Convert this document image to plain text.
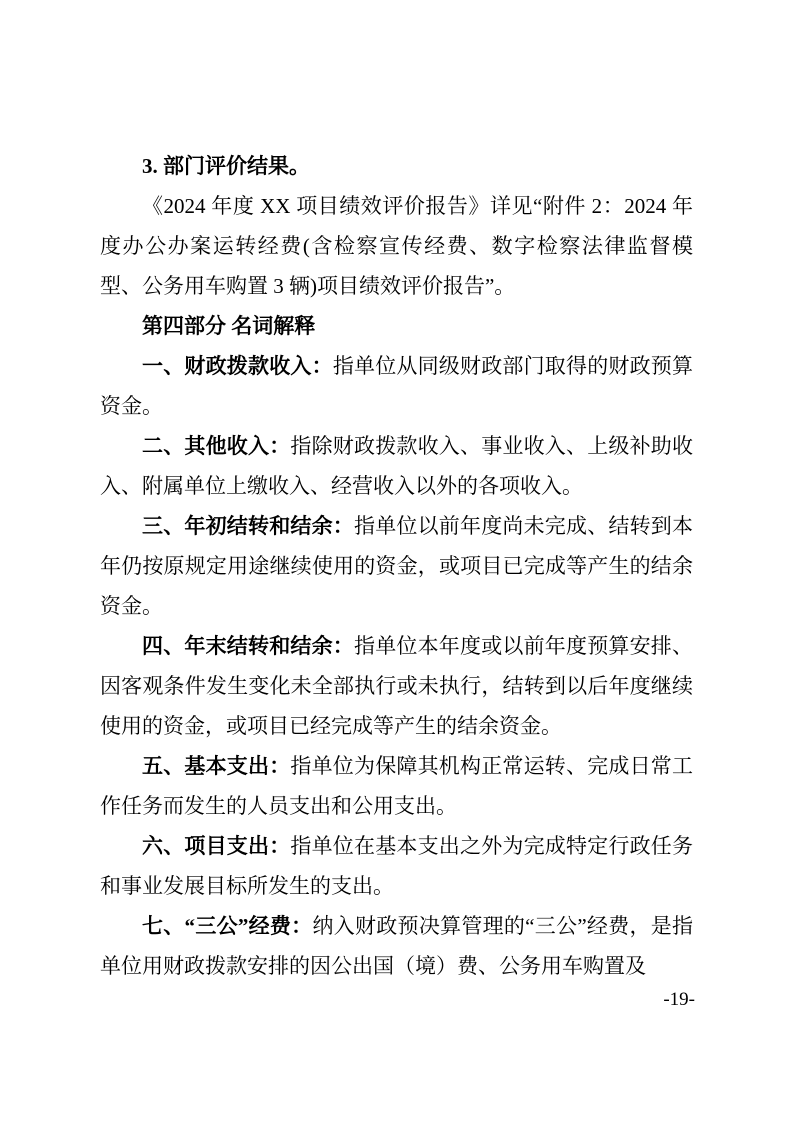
3. 部门评价结果。

《2024 年度 XX 项目绩效评价报告》详见“附件 2：2024 年度办公办案运转经费(含检察宣传经费、数字检察法律监督模型、公务用车购置 3 辆)项目绩效评价报告”。

第四部分 名词解释

一、财政拨款收入：指单位从同级财政部门取得的财政预算资金。

二、其他收入：指除财政拨款收入、事业收入、上级补助收入、附属单位上缴收入、经营收入以外的各项收入。

三、年初结转和结余：指单位以前年度尚未完成、结转到本年仍按原规定用途继续使用的资金，或项目已完成等产生的结余资金。

四、年末结转和结余：指单位本年度或以前年度预算安排、因客观条件发生变化未全部执行或未执行，结转到以后年度继续使用的资金，或项目已经完成等产生的结余资金。

五、基本支出：指单位为保障其机构正常运转、完成日常工作任务而发生的人员支出和公用支出。

六、项目支出：指单位在基本支出之外为完成特定行政任务和事业发展目标所发生的支出。

七、“三公”经费：纳入财政预决算管理的“三公”经费，是指单位用财政拨款安排的因公出国（境）费、公务用车购置及

-19-
